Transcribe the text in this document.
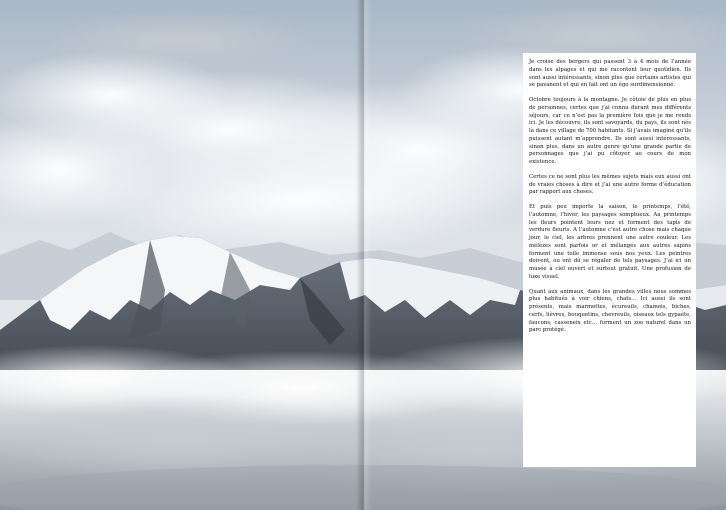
Je croise des bergers qui passent 3 à 4 mois de l’année dans les alpages et qui me racontent leur quotidien. Ils sont aussi intéressants, sinon plus que certains artistes qui se pavanent et qui en fait ont un égo surdimensionné.

Octobre toujours à la montagne. Je côtoie de plus en plus de personnes, certes que j’ai connu durant mes différents séjours, car ce n’est pas la première fois que je me rends ici. Je les découvre, ils sont savoyards, du pays, ils sont nés là dans ce village de 700 habitants. Si j’avais imaginé qu’ils puissent autant m’apprendre. Ils sont aussi intéressants, sinon plus, dans un autre genre qu’une grande partie de personnages que j’ai pu côtoyer au cours de mon existence.

Certes ce ne sont plus les mêmes sujets mais eux aussi ont de vraies choses à dire et j’ai une autre forme d’éducation par rapport aux choses.

Et puis peu importe la saison, le printemps, l’été, l’automne, l’hiver, les paysages somptueux. Au printemps les fleurs pointent leurs nez et forment des tapis de verdure fleuris. A l’automne c’est autre chose mais chaque jour, le ciel, les arbres prennent une autre couleur. Les mélèzes sont parfois or et mélangés aux autres sapins forment une toile immense sous nos yeux. Les peintres doivent, ou ont dû se régaler de tels paysages. J’ai ici un musée à ciel ouvert et surtout gratuit. Une profusion de luxe visuel.

Quant aux animaux, dans les grandes villes nous sommes plus habitués à voir chiens, chats… Ici aussi ils sont présents, mais marmottes, écureuils, chamois, biches, cerfs, lièvres, bouquetins, chevreuils, oiseaux tels gypaète, faucons, casseneix etc… forment un zoo naturel dans un parc protégé.
